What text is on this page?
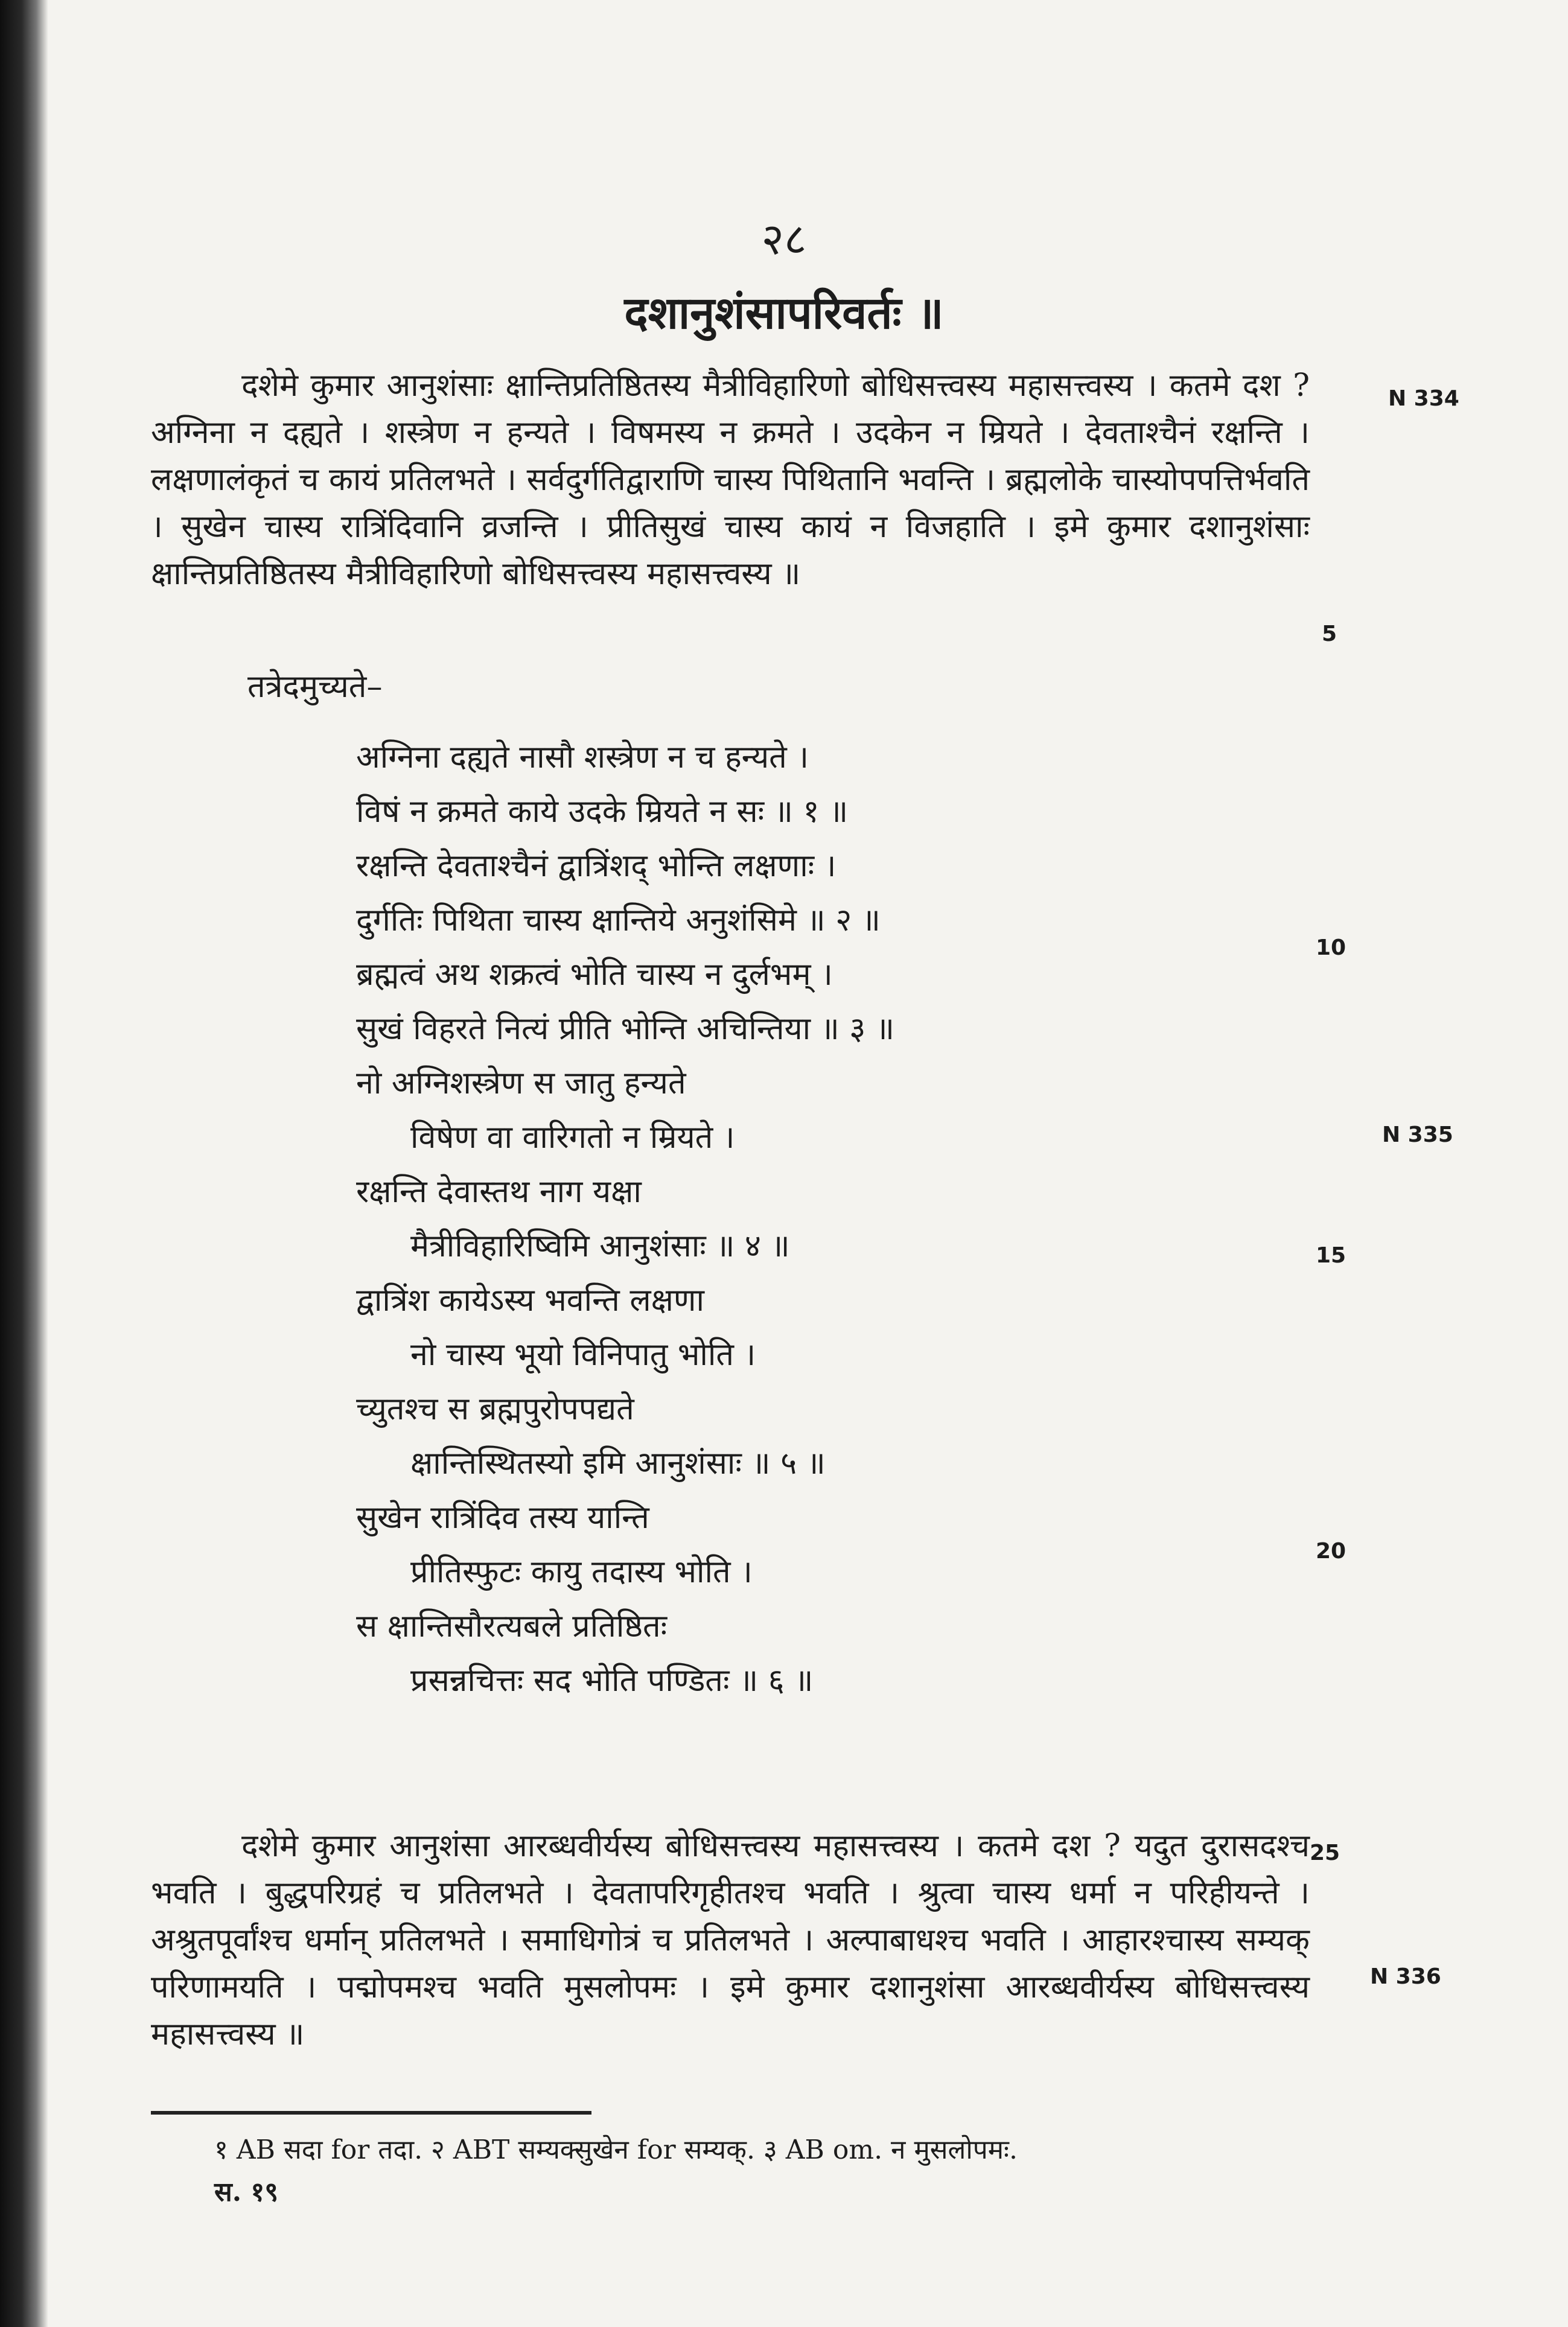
२८
दशानुशंसापरिवर्तः ॥

दशेमे कुमार आनुशंसाः क्षान्तिप्रतिष्ठितस्य मैत्रीविहारिणो बोधिसत्त्वस्य महासत्त्वस्य । कतमे दश ? अग्निना न दह्यते । शस्त्रेण न हन्यते । विषमस्य न क्रमते । उदकेन न म्रियते । देवताश्चैनं रक्षन्ति । लक्षणालंकृतं च कायं प्रतिलभते । सर्वदुर्गतिद्वाराणि चास्य पिथितानि भवन्ति । ब्रह्मलोके चास्योपपत्तिर्भवति । सुखेन चास्य रात्रिंदिवानि व्रजन्ति । प्रीतिसुखं चास्य कायं न विजहाति । इमे कुमार दशानुशंसाः क्षान्तिप्रतिष्ठितस्य मैत्रीविहारिणो बोधिसत्त्वस्य महासत्त्वस्य ॥

तत्रेदमुच्यते–
अग्निना दह्यते नासौ शस्त्रेण न च हन्यते ।
विषं न क्रमते काये उदके म्रियते न सः ॥ १ ॥
रक्षन्ति देवताश्चैनं द्वात्रिंशद् भोन्ति लक्षणाः ।
दुर्गतिः पिथिता चास्य क्षान्तिये अनुशंसिमे ॥ २ ॥
ब्रह्मत्वं अथ शक्रत्वं भोति चास्य न दुर्लभम् ।
सुखं विहरते नित्यं प्रीति भोन्ति अचिन्तिया ॥ ३ ॥
नो अग्निशस्त्रेण स जातु हन्यते
विषेण वा वारिगतो न म्रियते ।
रक्षन्ति देवास्तथ नाग यक्षा
मैत्रीविहारिष्विमि आनुशंसाः ॥ ४ ॥
द्वात्रिंश कायेऽस्य भवन्ति लक्षणा
नो चास्य भूयो विनिपातु भोति ।
च्युतश्च स ब्रह्मपुरोपपद्यते
क्षान्तिस्थितस्यो इमि आनुशंसाः ॥ ५ ॥
सुखेन रात्रिंदिव तस्य यान्ति
प्रीतिस्फुटः कायु तदास्य भोति ।
स क्षान्तिसौरत्यबले प्रतिष्ठितः
प्रसन्नचित्तः सद भोति पण्डितः ॥ ६ ॥

दशेमे कुमार आनुशंसा आरब्धवीर्यस्य बोधिसत्त्वस्य महासत्त्वस्य । कतमे दश ? यदुत दुरासदश्च भवति । बुद्धपरिग्रहं च प्रतिलभते । देवतापरिगृहीतश्च भवति । श्रुत्वा चास्य धर्मा न परिहीयन्ते । अश्रुतपूर्वांश्च धर्मान् प्रतिलभते । समाधिगोत्रं च प्रतिलभते । अल्पाबाधश्च भवति । आहारश्चास्य सम्यक् परिणामयति । पद्मोपमश्च भवति मुसलोपमः । इमे कुमार दशानुशंसा आरब्धवीर्यस्य बोधिसत्त्वस्य महासत्त्वस्य ॥

N 334
5
10
N 335
15
20
25
N 336
१ AB सदा for तदा. २ ABT सम्यक्सुखेन for सम्यक्. ३ AB om. न मुसलोपमः.
स. १९
